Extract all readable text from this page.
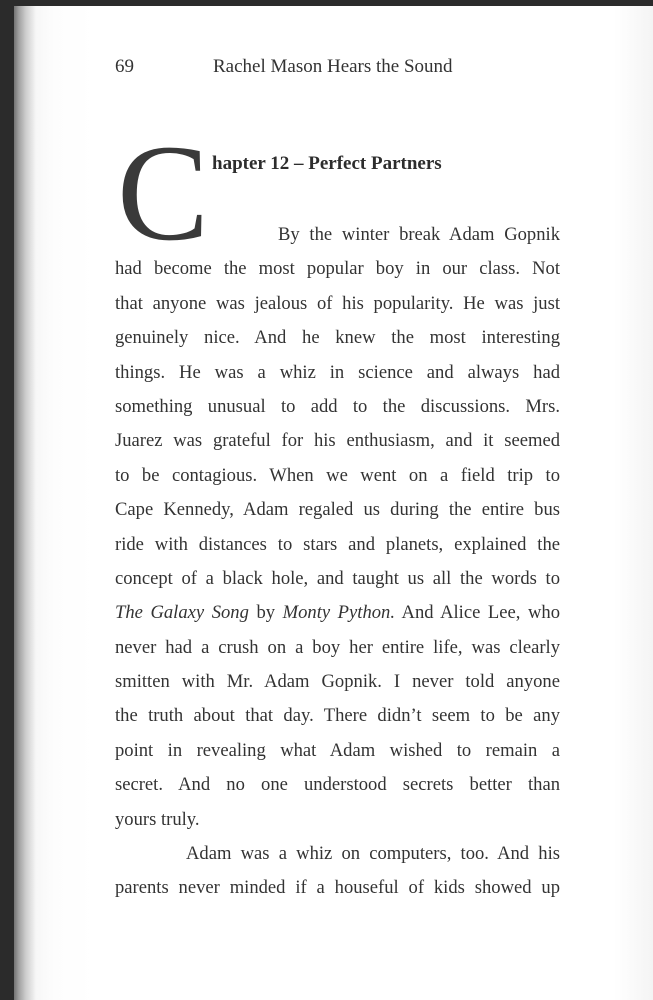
69	Rachel Mason Hears the Sound
C hapter 12 – Perfect Partners
By the winter break Adam Gopnik
had become the most popular boy in our class. Not
that anyone was jealous of his popularity. He was just
genuinely nice. And he knew the most interesting
things. He was a whiz in science and always had
something unusual to add to the discussions. Mrs.
Juarez was grateful for his enthusiasm, and it seemed
to be contagious. When we went on a field trip to
Cape Kennedy, Adam regaled us during the entire bus
ride with distances to stars and planets, explained the
concept of a black hole, and taught us all the words to
The Galaxy Song by Monty Python. And Alice Lee, who
never had a crush on a boy her entire life, was clearly
smitten with Mr. Adam Gopnik. I never told anyone
the truth about that day. There didn’t seem to be any
point in revealing what Adam wished to remain a
secret. And no one understood secrets better than
yours truly.
Adam was a whiz on computers, too. And his
parents never minded if a houseful of kids showed up
